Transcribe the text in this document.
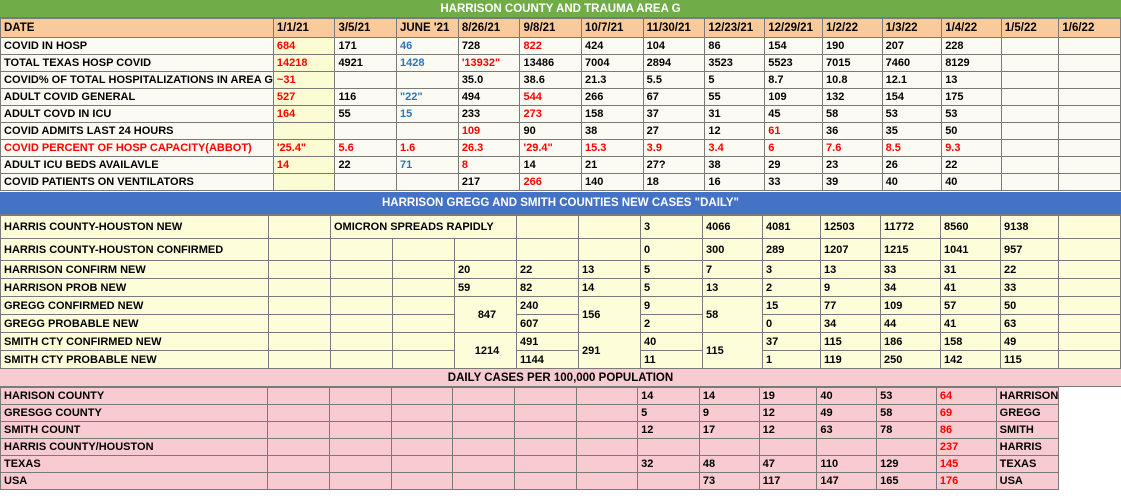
HARRISON COUNTY AND TRAUMA AREA G
DATE	1/1/21	3/5/21	JUNE '21	8/26/21	9/8/21	10/7/21	11/30/21	12/23/21	12/29/21	1/2/22	1/3/22	1/4/22	1/5/22	1/6/22
COVID IN HOSP	684	171	46	728	822	424	104	86	154	190	207	228		
TOTAL TEXAS HOSP COVID	14218	4921	1428	'13932"	13486	7004	2894	3523	5523	7015	7460	8129		
COVID% OF TOTAL HOSPITALIZATIONS IN AREA G	~31			35.0	38.6	21.3	5.5	5	8.7	10.8	12.1	13		
ADULT COVID GENERAL	527	116	"22"	494	544	266	67	55	109	132	154	175		
ADULT COVD IN ICU	164	55	15	233	273	158	37	31	45	58	53	53		
COVID ADMITS LAST 24 HOURS				109	90	38	27	12	61	36	35	50		
COVID PERCENT OF HOSP CAPACITY(ABBOT)	'25.4"	5.6	1.6	26.3	'29.4"	15.3	3.9	3.4	6	7.6	8.5	9.3		
ADULT ICU BEDS AVAILAVLE	14	22	71	8	14	21	27?	38	29	23	26	22		
COVID PATIENTS ON VENTILATORS				217	266	140	18	16	33	39	40	40		
HARRISON GREGG AND SMITH COUNTIES NEW CASES "DAILY"
HARRIS COUNTY-HOUSTON NEW		OMICRON SPREADS RAPIDLY					3	4066	4081	12503	11772	8560	9138	
HARRIS COUNTY-HOUSTON CONFIRMED							0	300	289	1207	1215	1041	957	
HARRISON CONFIRM NEW				20	22	13	5	7	3	13	33	31	22	
HARRISON PROB NEW				59	82	14	5	13	2	9	34	41	33	
GREGG CONFIRMED NEW				847	240	156	9	58	15	77	109	57	50	
GREGG PROBABLE NEW					607		2		0	34	44	41	63	
SMITH CTY CONFIRMED NEW				1214	491	291	40	115	37	115	186	158	49	
SMITH CTY PROBABLE NEW					1144		11		1	119	250	142	115	
DAILY CASES PER 100,000 POPULATION
HARISON COUNTY							14	14	19	40	53	64	HARRISON
GRESGG COUNTY							5	9	12	49	58	69	GREGG
SMITH COUNT							12	17	12	63	78	86	SMITH
HARRIS COUNTY/HOUSTON												237	HARRIS
TEXAS							32	48	47	110	129	145	TEXAS
USA								73	117	147	165	176	USA
